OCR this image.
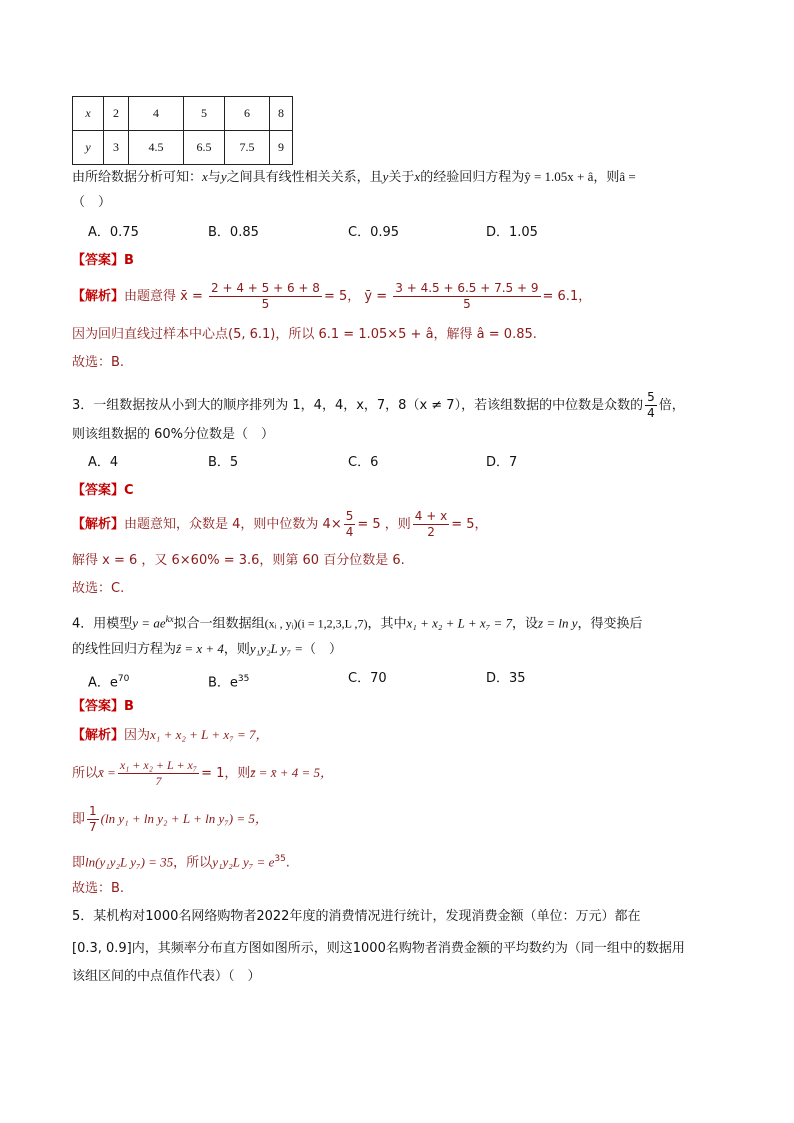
x	2	4	5	6	8
y	3	4.5	6.5	7.5	9
由所给数据分析可知：x与y之间具有线性相关关系，且y关于x的经验回归方程为ŷ = 1.05x + â，则â =
（　）
A．0.75	B．0.85	C．0.95	D．1.05
【答案】B
【解析】由题意得 x̄ = $\frac{2 + 4 + 5 + 6 + 8}{5} = 5$， ȳ = $\frac{3 + 4.5 + 6.5 + 7.5 + 9}{5} = 6.1$，
因为回归直线过样本中心点(5, 6.1)，所以 6.1 = 1.05×5 + â，解得 â = 0.85.
故选：B.
3．一组数据按从小到大的顺序排列为 1，4，4，x，7，8（x ≠ 7），若该组数据的中位数是众数的 $\frac{5}{4}$ 倍，
则该组数据的 60%分位数是（　）
A．4	B．5	C．6	D．7
【答案】C
【解析】由题意知，众数是 4，则中位数为 $4\times \frac{5}{4} = 5$ ，则 $\frac{4 + x}{2} = 5$，
解得 x = 6 ，又 6×60% = 3.6，则第 60 百分位数是 6.
故选：C.
4．用模型$y = ae^{kx}$拟合一组数据组(xᵢ , yᵢ)(i = 1,2,3,L ,7)，其中x₁ + x₂ + L + x₇ = 7，设z = ln y，得变换后
的线性回归方程为ẑ = x + 4，则y₁y₂L y₇ =（　）
A．$e^{70}$	B．$e^{35}$	C．70	D．35
【答案】B
【解析】因为x₁ + x₂ + L + x₇ = 7，
所以x̄ = $\frac{\text{x₁ + x₂ + L + x₇}}{7} = 1$，则z̄ = x̄ + 4 = 5，
即 $\frac{1}{7} (\ln$ y₁ + ln y₂ + L + ln y₇) = 5，
即ln(y₁y₂L y₇) = 35，所以y₁y₂L $y_7 = e^{35}$.
故选：B.
5．某机构对1000名网络购物者2022年度的消费情况进行统计，发现消费金额（单位：万元）都在
[0.3, 0.9]内，其频率分布直方图如图所示，则这1000名购物者消费金额的平均数约为（同一组中的数据用
该组区间的中点值作代表）（　）
